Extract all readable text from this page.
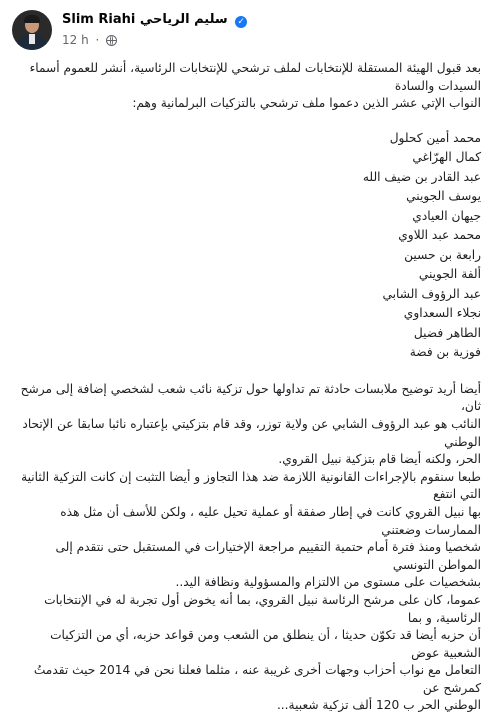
Slim Riahi سليم الرياحي ✓
12 h ·

بعد قبول الهيئة المستقلة للإنتخابات لملف ترشحي للإنتخابات الرئاسية، أنشر للعموم أسماء السيدات والسادة

النواب الإتي عشر الذين دعموا ملف ترشحي بالتزكيات البرلمانية وهم:

محمد أمين كحلول
كمال الهرّاغي
عبد القادر بن ضيف الله
يوسف الجويني
جيهان العيادي
محمد عبد اللاوي
رابعة بن حسين
ألفة الجويني
عبد الرؤوف الشابي
نجلاء السعداوي
الطاهر فضيل
فوزية بن فضة

أيضا أريد توضيح ملابسات حادثة تم تداولها حول تزكية نائب شعب لشخصي إضافة إلى مرشح ثان،

النائب هو عبد الرؤوف الشابي عن ولاية توزر، وقد قام بتزكيتي بإعتباره نائبا سابقا عن الإتحاد الوطني

الحر، ولكنه أيضا قام بتزكية نبيل القروي.

طبعا سنقوم بالإجراءات القانونية اللازمة ضد هذا التجاوز و أيضا التثبت إن كانت التزكية الثانية التي انتفع

بها نبيل القروي كانت في إطار صفقة أو عملية تحيل عليه ، ولكن للأسف أن مثل هذه الممارسات وضعتني

شخصيا ومنذ فترة أمام حتمية التقييم مراجعة الإختيارات في المستقبل حتى نتقدم إلى المواطن التونسي

بشخصيات على مستوى من الالتزام والمسؤولية ونظافة اليد..

عموما، كان على مرشح الرئاسة نبيل القروي، بما أنه يخوض أول تجربة له في الإنتخابات الرئاسية، و بما

أن حزبه أيضا قد تكوّن حديثا ، أن ينطلق من الشعب ومن قواعد حزبه، أي من التزكيات الشعبية عوض

التعامل مع نواب أحزاب وجهات أخرى غريبة عنه ، مثلما فعلنا نحن في 2014 حيث تقدمتُ كمرشح عن

الوطني الحر ب 120 ألف تزكية شعبية...
